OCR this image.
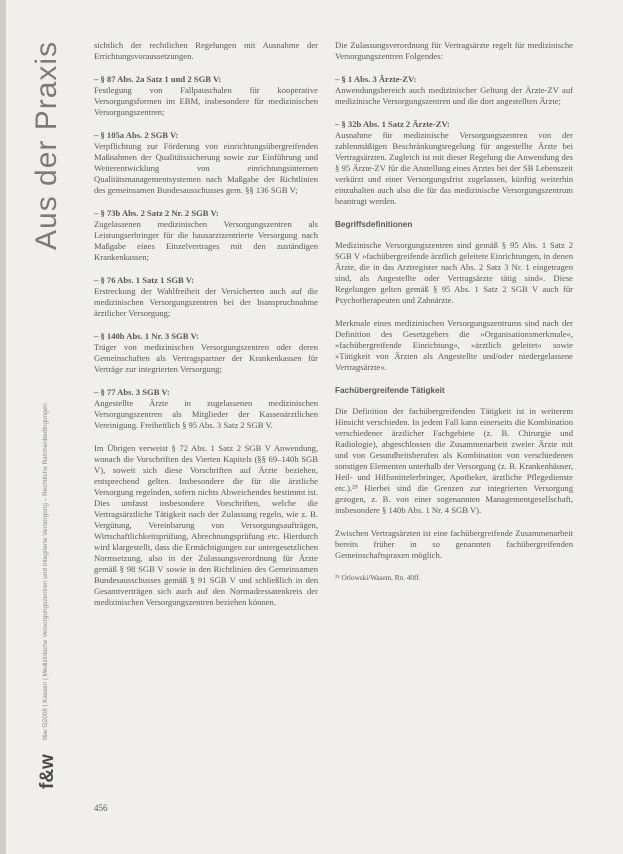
Aus der Praxis
f&w 5|2008 | Kassen | Medizinische Versorgungszentren und Integrierte Versorgung – Rechtliche Rahmenbedingungen
f&w

sichtlich der rechtlichen Regelungen mit Ausnahme der Errichtungsvoraussetzungen.

– § 87 Abs. 2a Satz 1 und 2 SGB V:

Festlegung von Fallpauschalen für kooperative Versorgungsformen im EBM, insbesondere für medizinischen Versorgungszentren;

– § 105a Abs. 2 SGB V:

Verpflichtung zur Förderung von einrichtungsübergreifenden Maßnahmen der Qualitätssicherung sowie zur Einführung und Weiterentwicklung von einrichtungsinternen Qualitätsmanagementsystemen nach Maßgabe der Richtlinien des gemeinsamen Bundesausschusses gem. §§ 136 SGB V;

– § 73b Abs. 2 Satz 2 Nr. 2 SGB V:

Zugelassenen medizinischen Versorgungszentren als Leistungserbringer für die hausarztzentrierte Versorgung nach Maßgabe eines Einzelvertrages mit den zuständigen Krankenkassen;

– § 76 Abs. 1 Satz 1 SGB V:

Erstreckung der Wahlfreiheit der Versicherten auch auf die medizinischen Versorgungszentren bei der Inanspruchnahme ärztlicher Versorgung;

– § 140b Abs. 1 Nr. 3 SGB V:

Träger von medizinischen Versorgungszentren oder deren Gemeinschaften als Vertragspartner der Krankenkassen für Verträge zur integrierten Versorgung;

– § 77 Abs. 3 SGB V:

Angestellte Ärzte in zugelassenen medizinischen Versorgungszentren als Mitglieder der Kassenärztlichen Vereinigung. Freiheitlich § 95 Abs. 3 Satz 2 SGB V.

Im Übrigen verweist § 72 Abs. 1 Satz 2 SGB V Anwendung, wonach die Vorschriften des Vierten Kapitels (§§ 69–140h SGB V), soweit sich diese Vorschriften auf Ärzte beziehen, entsprechend gelten. Insbesondere die für die ärztliche Versorgung regelnden, sofern nichts Abweichendes bestimmt ist. Dies umfasst insbesondere Vorschriften, welche die Vertragsärztliche Tätigkeit nach der Zulassung regeln, wie z. B. Vergütung, Vereinbarung von Versorgungsaufträgen, Wirtschaftlichkeitsprüfung, Abrechnungsprüfung etc. Hierdurch wird klargestellt, dass die Ermächtigungen zur untergesetzlichen Normsetzung, also in der Zulassungsverordnung für Ärzte gemäß § 98 SGB V sowie in den Richtlinien des Gemeinsamen Bundesausschusses gemäß § 91 SGB V und schließlich in den Gesamtverträgen sich auch auf den Normadressatenkreis der medizinischen Versorgungszentren beziehen können.

Die Zulassungsverordnung für Vertragsärzte regelt für medizinische Versorgungszentren Folgendes:

– § 1 Abs. 3 Ärzte-ZV:

Anwendungsbereich auch medizinischer Geltung der Ärzte-ZV auf medizinische Versorgungszentren und die dort angestellten Ärzte;

– § 32b Abs. 1 Satz 2 Ärzte-ZV:

Ausnahme für medizinische Versorgungszentren von der zahlenmäßigen Beschränkungsregelung für angestellte Ärzte bei Vertragsärzten. Zugleich ist mit dieser Regelung die Anwendung des § 95 Ärzte-ZV für die Anstellung eines Arztes bei der SB Lebenszeit verkürzt und einer Versorgungsfrist zugelassen, künftig weiterhin einzuhalten auch also die für das medizinische Versorgungszentrum beantragt werden.

Begriffsdefinitionen

Medizinische Versorgungszentren sind gemäß § 95 Abs. 1 Satz 2 SGB V »fachübergreifende ärztlich geleitete Einrichtungen, in denen Ärzte, die in das Arztregister nach Abs. 2 Satz 3 Nr. 1 eingetragen sind, als Angestellte oder Vertragsärzte tätig sind«. Diese Regelungen gelten gemäß § 95 Abs. 1 Satz 2 SGB V auch für Psychotherapeuten und Zahnärzte.

Merkmale eines medizinischen Versorgungszentrums sind nach der Definition des Gesetzgebers die »Organisationsmerkmale«, »fachübergreifende Einrichtung«, »ärztlich geleitet« sowie »Tätigkeit von Ärzten als Angestellte und/oder niedergelassene Vertragsärzte«.

Fachübergreifende Tätigkeit

Die Definition der fachübergreifenden Tätigkeit ist in weiterem Hinsicht verschieden. In jedem Fall kann einerseits die Kombination verschiedener ärztlicher Fachgebiete (z. B. Chirurgie und Radiologie), abgeschlossen die Zusammenarbeit zweier Ärzte mit und von Gesundheitsberufen als Kombination von verschiedenen sonstigen Elementen unterhalb der Versorgung (z. B. Krankenhäuser, Heil- und Hilfsmittelerbringer, Apotheker, ärztliche Pflegedienste etc.).²⁵ Hierbei sind die Grenzen zur integrierten Versorgung gezogen, z. B. von einer sogenannten Managementgesellschaft, insbesondere § 140b Abs. 1 Nr. 4 SGB V).

Zwischen Vertragsärzten ist eine fachübergreifende Zusammenarbeit bereits früher in so genannten fachübergreifenden Gemeinschaftspraxen möglich.

²⁵ Orlowski/Wasem, Rn. 40ff.

456
